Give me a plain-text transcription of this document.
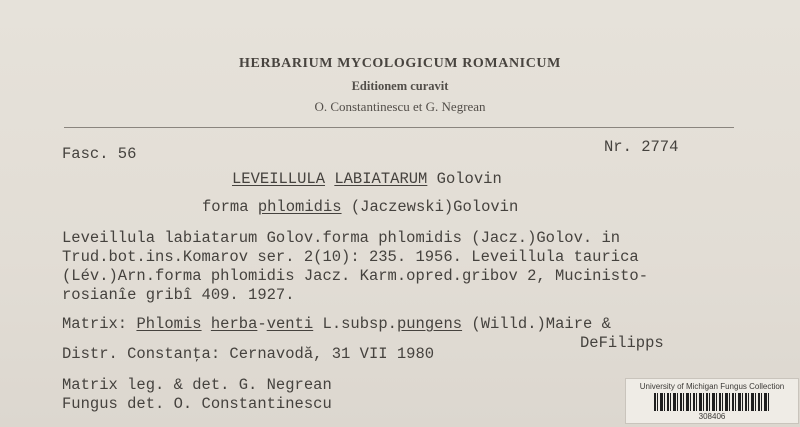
HERBARIUM MYCOLOGICUM ROMANICUM
Editionem curavit
O. Constantinescu et G. Negrean
Fasc. 56	Nr. 2774
LEVEILLULA LABIATARUM Golovin
forma phlomidis (Jaczewski)Golovin
Leveillula labiatarum Golov.forma phlomidis (Jacz.)Golov. in
Trud.bot.ins.Komarov ser. 2(10): 235. 1956. Leveillula taurica
(Lév.)Arn.forma phlomidis Jacz. Karm.opred.gribov 2, Mucinisto-
rosianîe gribî 409. 1927.
Matrix: Phlomis herba-venti L.subsp.pungens (Willd.)Maire &
DeFilipps
Distr. Constanţa: Cernavodă, 31 VII 1980
Matrix leg. & det. G. Negrean
Fungus det. O. Constantinescu
University of Michigan Fungus Collection
308406
